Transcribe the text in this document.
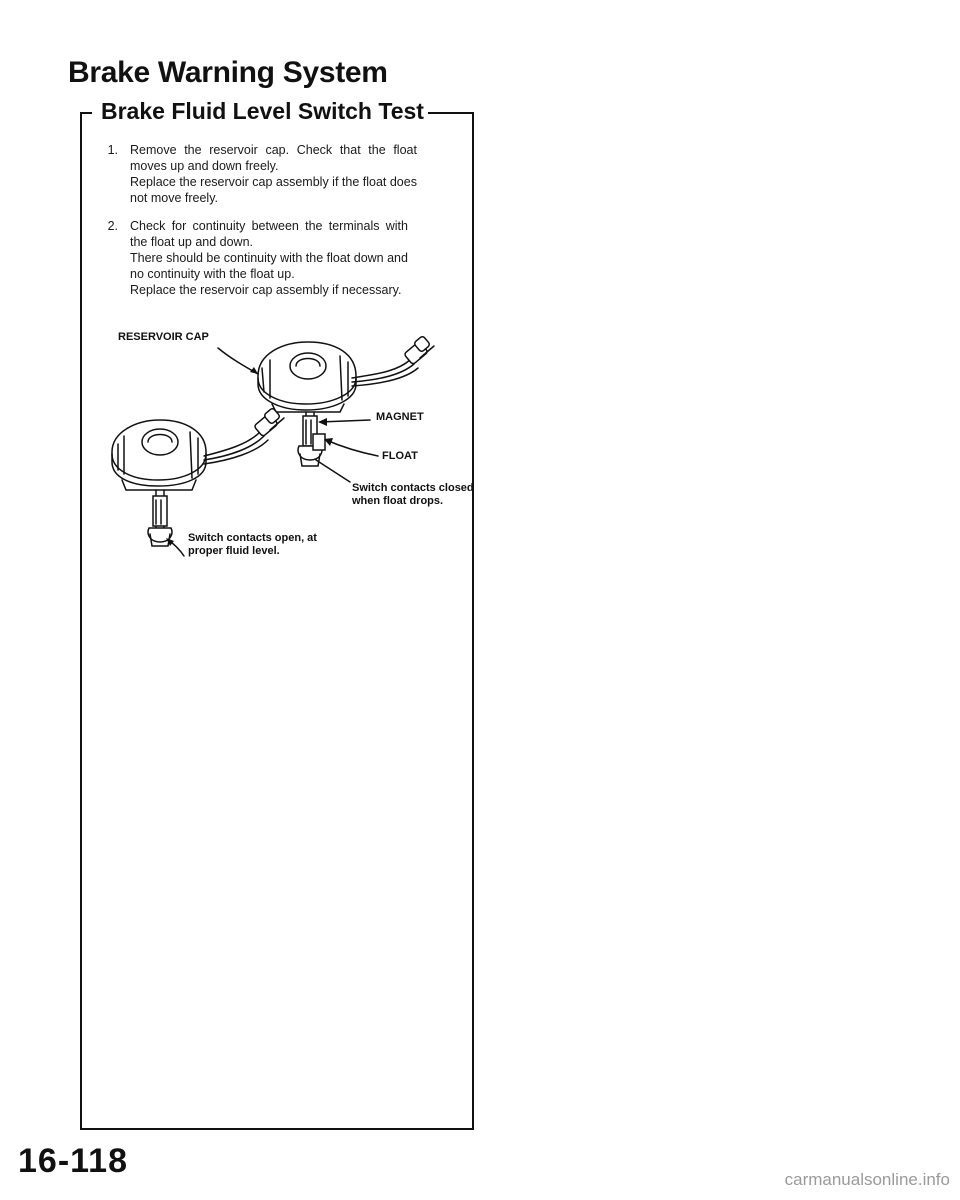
Brake Warning System
Brake Fluid Level Switch Test
1. Remove the reservoir cap. Check that the float

moves up and down freely.

Replace the reservoir cap assembly if the float does

not move freely.

2. Check for continuity between the terminals with

the float up and down.

There should be continuity with the float down and

no continuity with the float up.

Replace the reservoir cap assembly if necessary.

RESERVOIR CAP
MAGNET
FLOAT
Switch contacts closed
when float drops.
Switch contacts open, at
proper fluid level.
16-118	carmanualsonline.info
